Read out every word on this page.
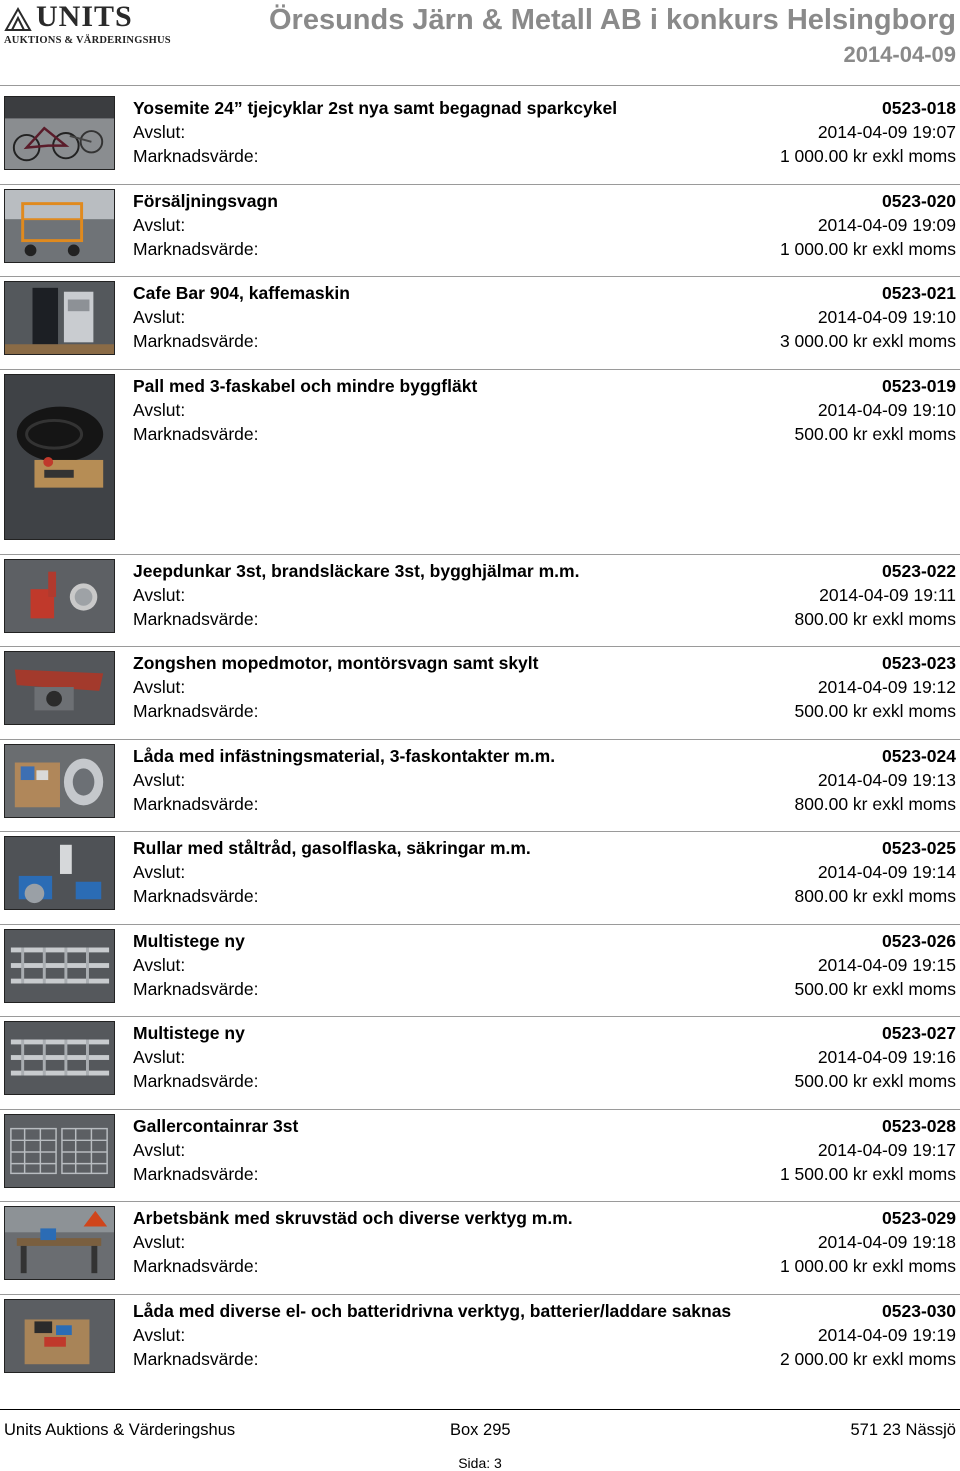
UNITS
AUKTIONS & VÄRDERINGSHUS
Öresunds Järn & Metall AB i konkurs Helsingborg
2014-04-09
Yosemite 24” tjejcyklar 2st nya samt begagnad sparkcykel	0523-018
Avslut:	2014-04-09 19:07
Marknadsvärde:	1 000.00 kr exkl moms
Försäljningsvagn	0523-020
Avslut:	2014-04-09 19:09
Marknadsvärde:	1 000.00 kr exkl moms
Cafe Bar 904, kaffemaskin	0523-021
Avslut:	2014-04-09 19:10
Marknadsvärde:	3 000.00 kr exkl moms
Pall med 3-faskabel och mindre byggfläkt	0523-019
Avslut:	2014-04-09 19:10
Marknadsvärde:	500.00 kr exkl moms
Jeepdunkar 3st, brandsläckare 3st, bygghjälmar m.m.	0523-022
Avslut:	2014-04-09 19:11
Marknadsvärde:	800.00 kr exkl moms
Zongshen mopedmotor, montörsvagn samt skylt	0523-023
Avslut:	2014-04-09 19:12
Marknadsvärde:	500.00 kr exkl moms
Låda med infästningsmaterial, 3-faskontakter m.m.	0523-024
Avslut:	2014-04-09 19:13
Marknadsvärde:	800.00 kr exkl moms
Rullar med ståltråd, gasolflaska, säkringar m.m.	0523-025
Avslut:	2014-04-09 19:14
Marknadsvärde:	800.00 kr exkl moms
Multistege ny	0523-026
Avslut:	2014-04-09 19:15
Marknadsvärde:	500.00 kr exkl moms
Multistege ny	0523-027
Avslut:	2014-04-09 19:16
Marknadsvärde:	500.00 kr exkl moms
Gallercontainrar 3st	0523-028
Avslut:	2014-04-09 19:17
Marknadsvärde:	1 500.00 kr exkl moms
Arbetsbänk med skruvstäd och diverse verktyg m.m.	0523-029
Avslut:	2014-04-09 19:18
Marknadsvärde:	1 000.00 kr exkl moms
Låda med diverse el- och batteridrivna verktyg, batterier/laddare saknas	0523-030
Avslut:	2014-04-09 19:19
Marknadsvärde:	2 000.00 kr exkl moms
Units Auktions & Värderingshus	Box 295	571 23 Nässjö
Sida: 3
